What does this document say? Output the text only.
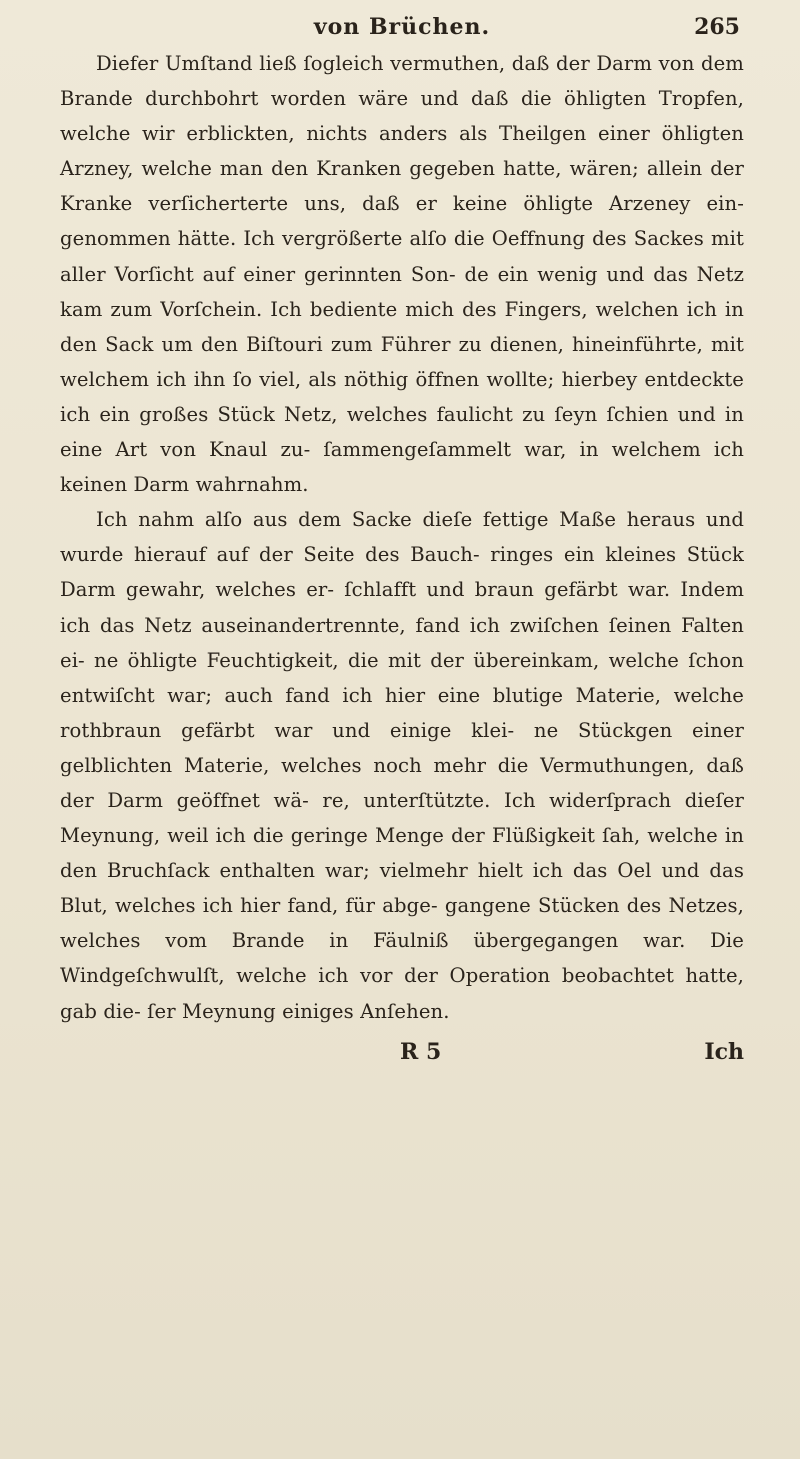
von Brüchen.	265

Diefer Umſtand ließ ſogleich vermuthen, daß der Darm von dem Brande durchbohrt worden wäre und daß die öhligten Tropfen, welche wir erblickten, nichts anders als Theilgen einer öhligten Arzney, welche man den Kranken gegeben hatte, wären; allein der Kranke verſicherterte uns, daß er keine öhligte Arzeney ein- genommen hätte. Ich vergrößerte alſo die Oeffnung des Sackes mit aller Vorſicht auf einer gerinnten Son- de ein wenig und das Netz kam zum Vorſchein. Ich bediente mich des Fingers, welchen ich in den Sack um den Biſtouri zum Führer zu dienen, hineinführte, mit welchem ich ihn ſo viel, als nöthig öffnen wollte; hierbey entdeckte ich ein großes Stück Netz, welches faulicht zu ſeyn ſchien und in eine Art von Knaul zu- ſammengeſammelt war, in welchem ich keinen Darm wahrnahm.

Ich nahm alſo aus dem Sacke dieſe fettige Maße heraus und wurde hierauf auf der Seite des Bauch- ringes ein kleines Stück Darm gewahr, welches er- ſchlafft und braun gefärbt war. Indem ich das Netz auseinandertrennte, fand ich zwiſchen ſeinen Falten ei- ne öhligte Feuchtigkeit, die mit der übereinkam, welche ſchon entwiſcht war; auch fand ich hier eine blutige Materie, welche rothbraun gefärbt war und einige klei- ne Stückgen einer gelblichten Materie, welches noch mehr die Vermuthungen, daß der Darm geöffnet wä- re, unterſtützte. Ich widerſprach dieſer Meynung, weil ich die geringe Menge der Flüßigkeit ſah, welche in den Bruchſack enthalten war; vielmehr hielt ich das Oel und das Blut, welches ich hier fand, für abge- gangene Stücken des Netzes, welches vom Brande in Fäulniß übergegangen war. Die Windgeſchwulſt, welche ich vor der Operation beobachtet hatte, gab die- ſer Meynung einiges Anſehen.

R 5	Ich
